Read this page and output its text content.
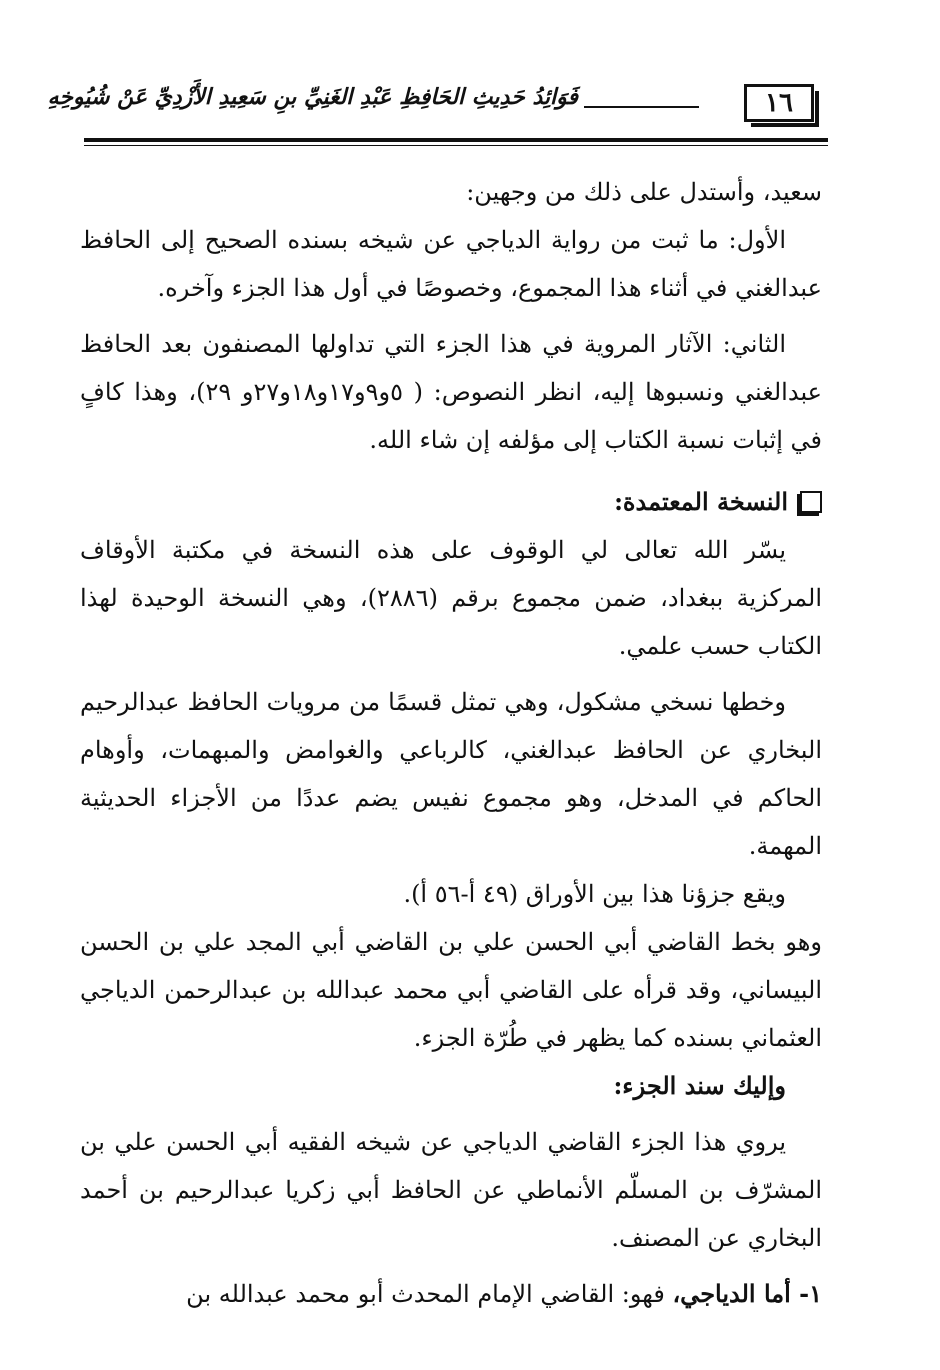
١٦
فَوَائِدُ حَدِيثِ الحَافِظِ عَبْدِ الغَنِيِّ بنِ سَعِيدِ الأَزْدِيِّ عَنْ شُيُوخِهِ

سعيد، وأستدل على ذلك من وجهين:

الأول: ما ثبت من رواية الدياجي عن شيخه بسنده الصحيح إلى الحافظ عبدالغني في أثناء هذا المجموع، وخصوصًا في أول هذا الجزء وآخره.

الثاني: الآثار المروية في هذا الجزء التي تداولها المصنفون بعد الحافظ عبدالغني ونسبوها إليه، انظر النصوص: ( ٥و٩و١٧و١٨و٢٧و ٢٩)، وهذا كافٍ في إثبات نسبة الكتاب إلى مؤلفه إن شاء الله.

النسخة المعتمدة:

يسّر الله تعالى لي الوقوف على هذه النسخة في مكتبة الأوقاف المركزية ببغداد، ضمن مجموع برقم (٢٨٨٦)، وهي النسخة الوحيدة لهذا الكتاب حسب علمي.

وخطها نسخي مشكول، وهي تمثل قسمًا من مرويات الحافظ عبدالرحيم البخاري عن الحافظ عبدالغني، كالرباعي والغوامض والمبهمات، وأوهام الحاكم في المدخل، وهو مجموع نفيس يضم عددًا من الأجزاء الحديثية المهمة.

ويقع جزؤنا هذا بين الأوراق (٤٩ أ-٥٦ أ).

وهو بخط القاضي أبي الحسن علي بن القاضي أبي المجد علي بن الحسن البيساني، وقد قرأه على القاضي أبي محمد عبدالله بن عبدالرحمن الدياجي العثماني بسنده كما يظهر في طُرّة الجزء.

وإليك سند الجزء:

يروي هذا الجزء القاضي الدياجي عن شيخه الفقيه أبي الحسن علي بن المشرّف بن المسلّم الأنماطي عن الحافظ أبي زكريا عبدالرحيم بن أحمد البخاري عن المصنف.

١- أما الدياجي، فهو: القاضي الإمام المحدث أبو محمد عبدالله بن
